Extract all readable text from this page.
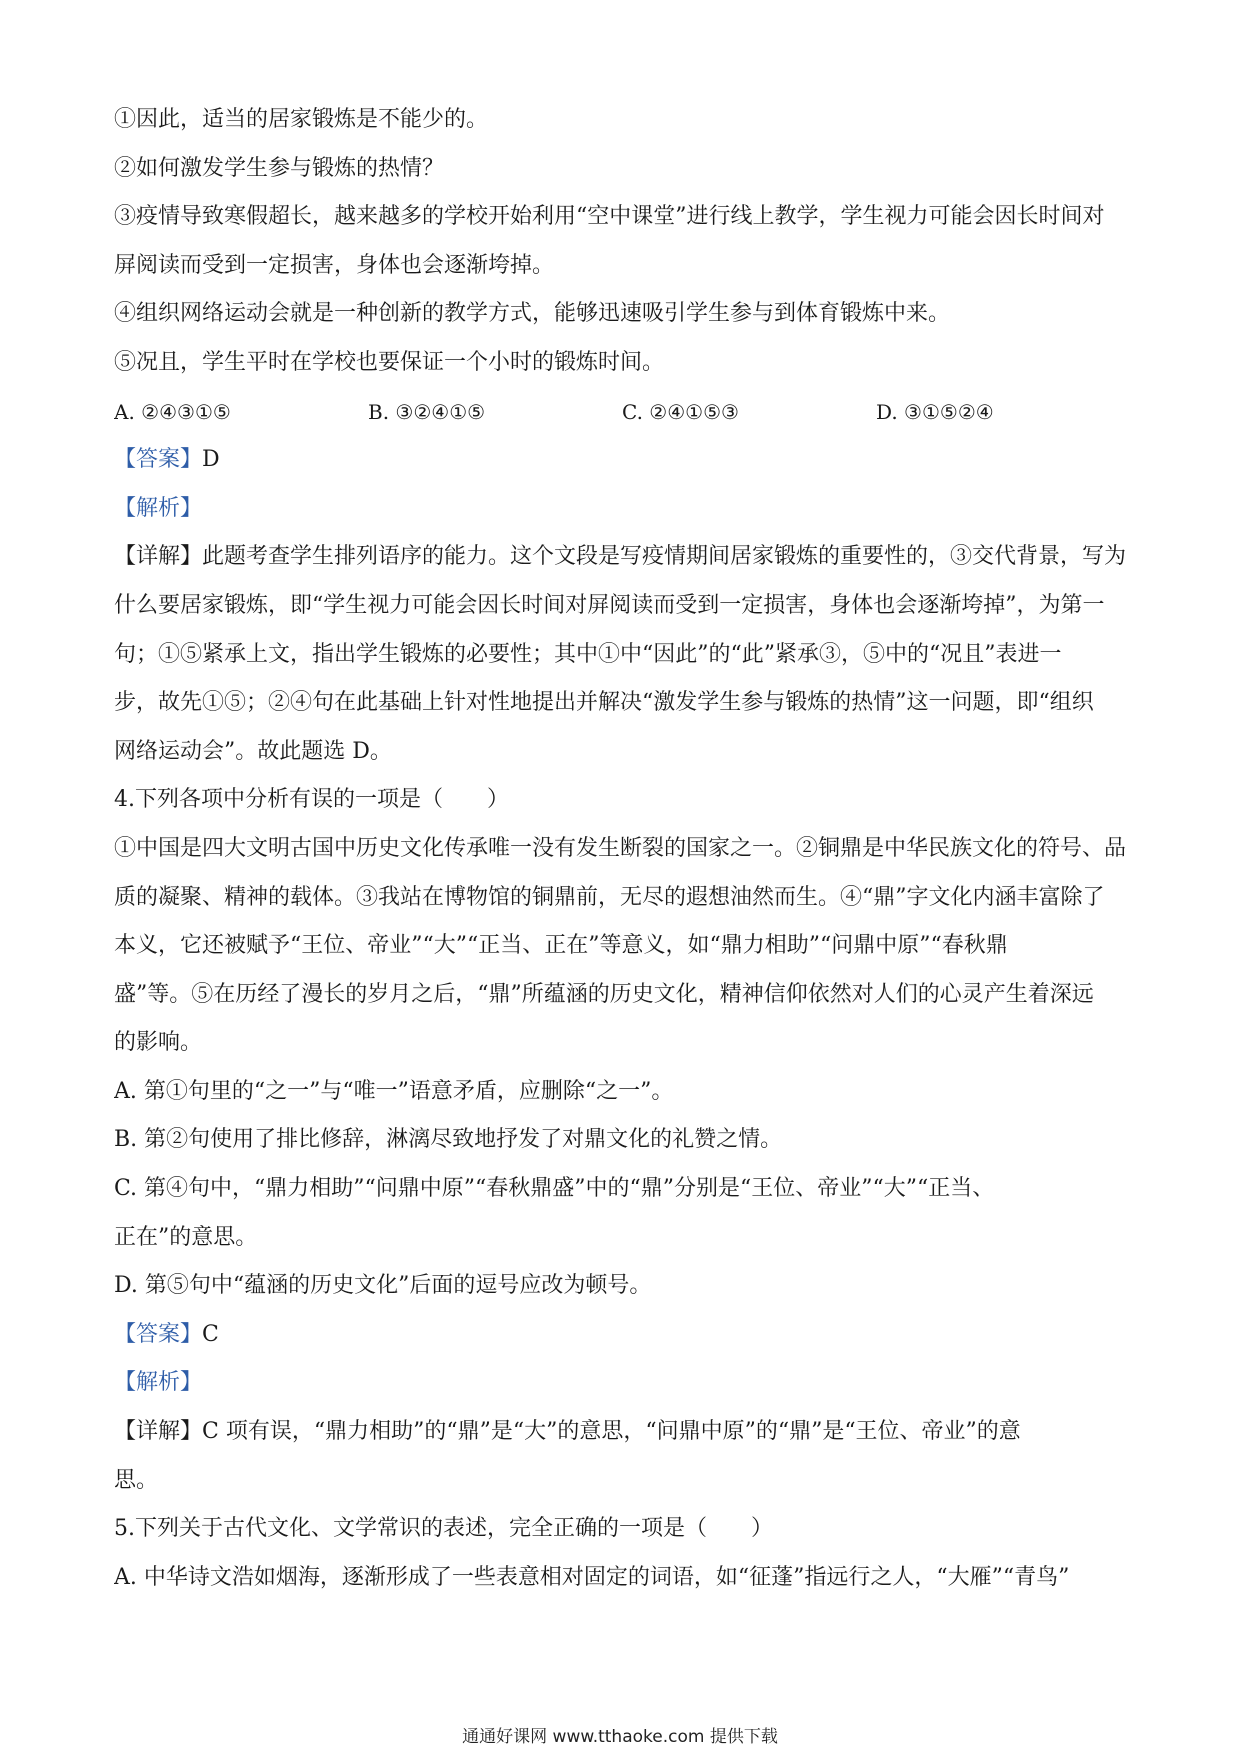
①因此，适当的居家锻炼是不能少的。
②如何激发学生参与锻炼的热情？
③疫情导致寒假超长，越来越多的学校开始利用“空中课堂”进行线上教学，学生视力可能会因长时间对
屏阅读而受到一定损害，身体也会逐渐垮掉。
④组织网络运动会就是一种创新的教学方式，能够迅速吸引学生参与到体育锻炼中来。
⑤况且，学生平时在学校也要保证一个小时的锻炼时间。
A. ②④③①⑤	B. ③②④①⑤	C. ②④①⑤③	D. ③①⑤②④
【答案】D
【解析】
【详解】此题考查学生排列语序的能力。这个文段是写疫情期间居家锻炼的重要性的，③交代背景，写为
什么要居家锻炼，即“学生视力可能会因长时间对屏阅读而受到一定损害，身体也会逐渐垮掉”，为第一
句；①⑤紧承上文，指出学生锻炼的必要性；其中①中“因此”的“此”紧承③，⑤中的“况且”表进一
步，故先①⑤；②④句在此基础上针对性地提出并解决“激发学生参与锻炼的热情”这一问题，即“组织
网络运动会”。故此题选 D。
4.下列各项中分析有误的一项是（　　）
①中国是四大文明古国中历史文化传承唯一没有发生断裂的国家之一。②铜鼎是中华民族文化的符号、品
质的凝聚、精神的载体。③我站在博物馆的铜鼎前，无尽的遐想油然而生。④“鼎”字文化内涵丰富除了
本义，它还被赋予“王位、帝业”“大”“正当、正在”等意义，如“鼎力相助”“问鼎中原”“春秋鼎
盛”等。⑤在历经了漫长的岁月之后，“鼎”所蕴涵的历史文化，精神信仰依然对人们的心灵产生着深远
的影响。
A. 第①句里的“之一”与“唯一”语意矛盾，应删除“之一”。
B. 第②句使用了排比修辞，淋漓尽致地抒发了对鼎文化的礼赞之情。
C. 第④句中，“鼎力相助”“问鼎中原”“春秋鼎盛”中的“鼎”分别是“王位、帝业”“大”“正当、
正在”的意思。
D. 第⑤句中“蕴涵的历史文化”后面的逗号应改为顿号。
【答案】C
【解析】
【详解】C 项有误，“鼎力相助”的“鼎”是“大”的意思，“问鼎中原”的“鼎”是“王位、帝业”的意
思。
5.下列关于古代文化、文学常识的表述，完全正确的一项是（　　）
A. 中华诗文浩如烟海，逐渐形成了一些表意相对固定的词语，如“征蓬”指远行之人，“大雁”“青鸟”
通通好课网 www.tthaoke.com 提供下载
